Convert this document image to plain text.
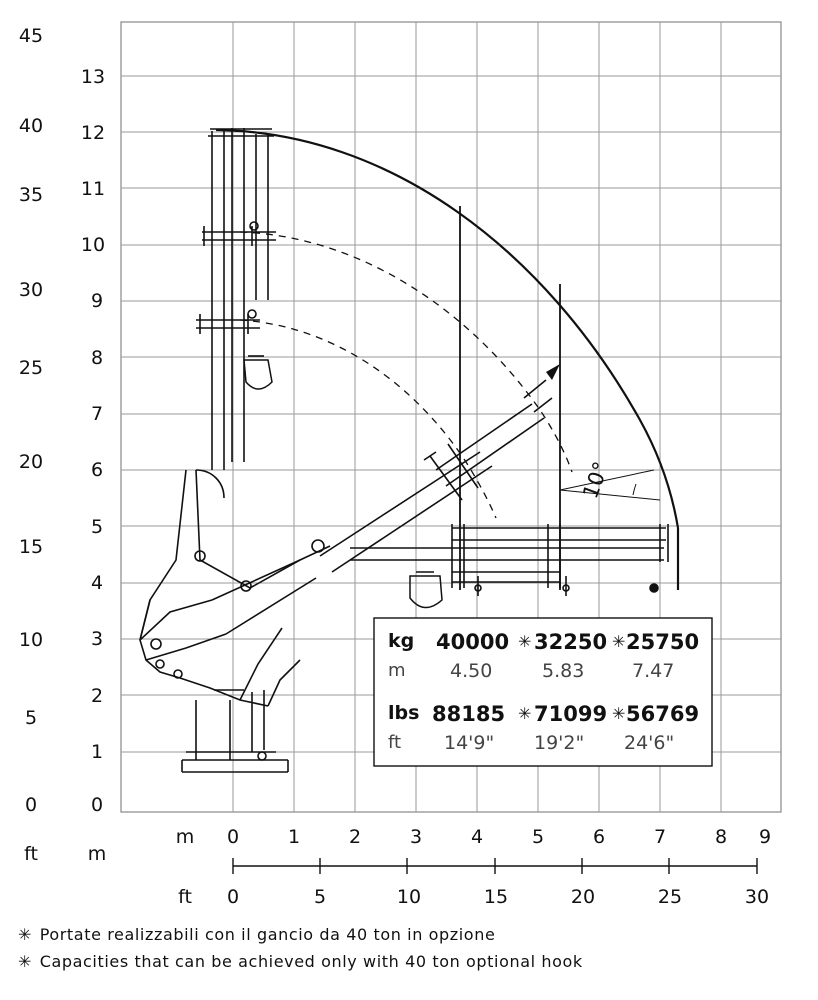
45
40
35
30
25
20
15
10
5
0
13
12
11
10
9
8
7
6
5
4
3
2
1
0
m 0	1	2	3	4	5	6	7	8 9
ft 0	5	10	15	20	25	30
ft	m
10°
kg 40000 ✳ 32250 ✳ 25750
m 4.50	5.83	7.47
lbs 88185 ✳ 71099 ✳ 56769
ft 14'9" 19'2" 24'6"
✳ Portate realizzabili con il gancio da 40 ton in opzione
✳ Capacities that can be achieved only with 40 ton optional hook
